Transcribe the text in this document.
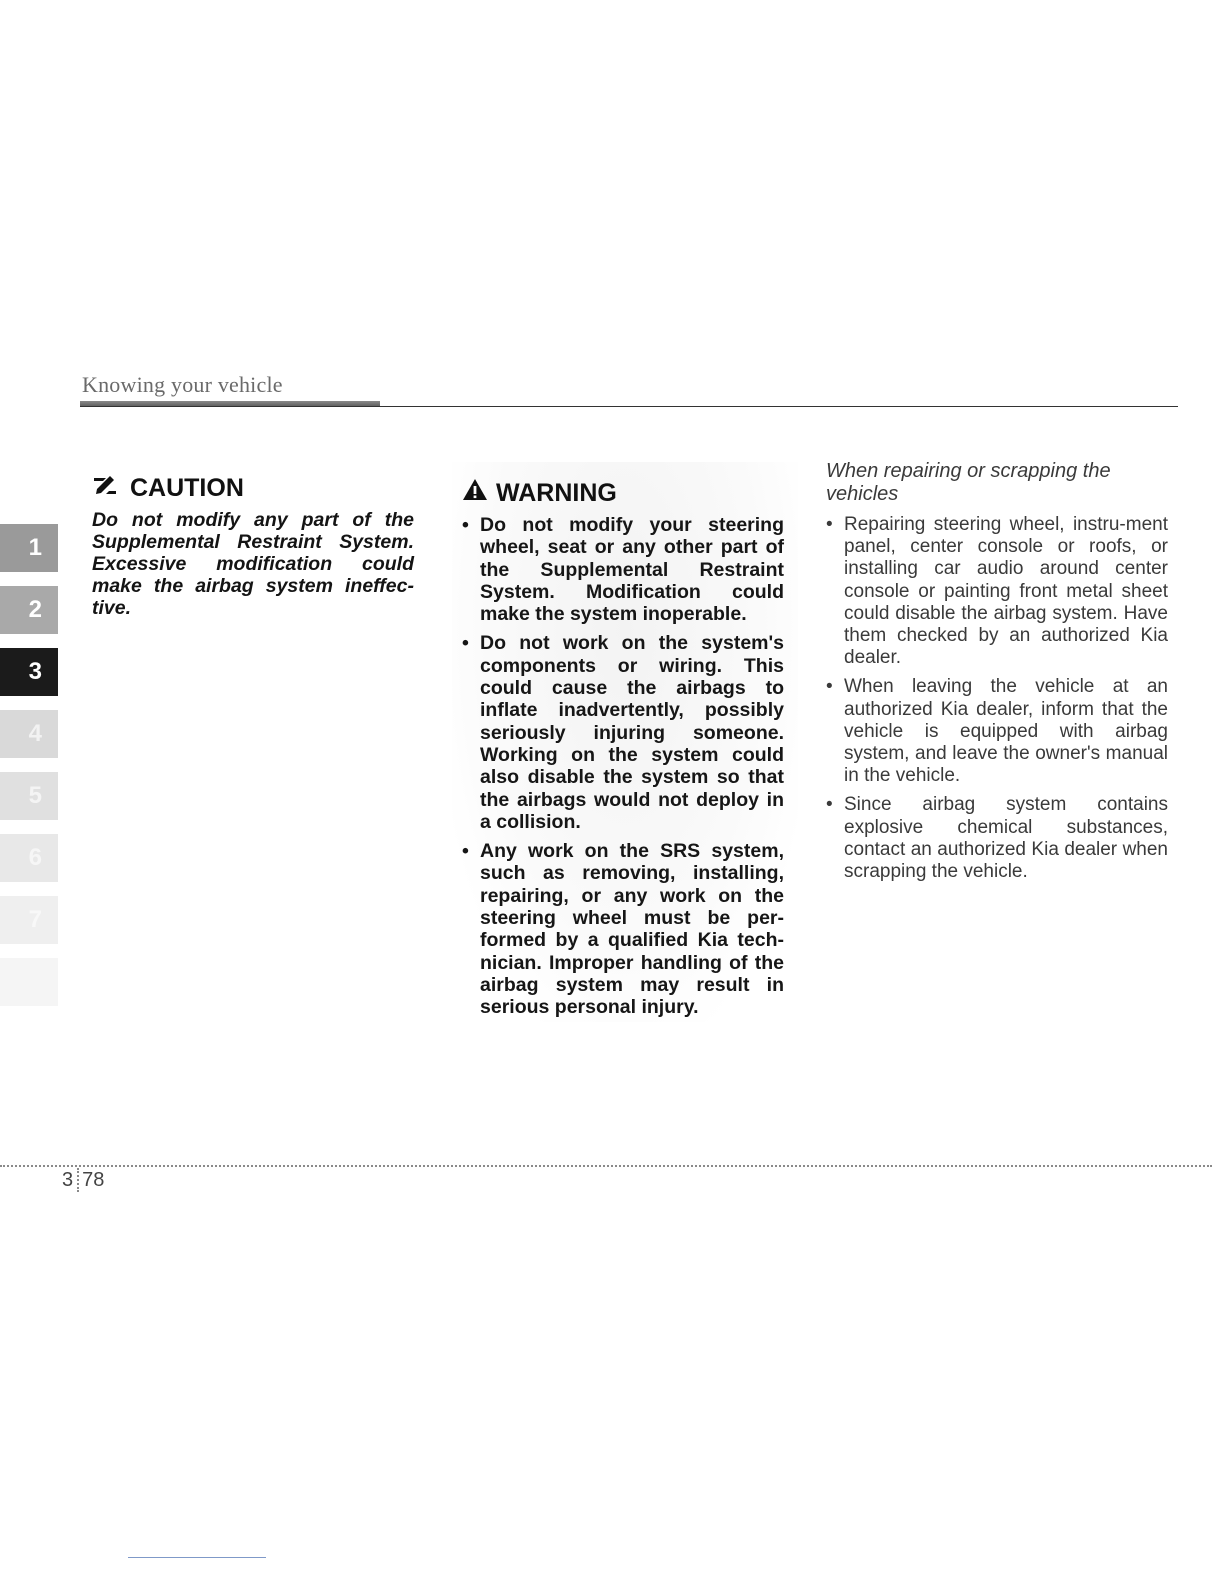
Knowing your vehicle
1
2
3
4
5
6
7
CAUTION
Do not modify any part of the Supplemental Restraint System. Excessive modification could make the airbag system ineffec-tive.
WARNING
• Do not modify your steering wheel, seat or any other part of the Supplemental Restraint System. Modification could make the system inoperable.
• Do not work on the system's components or wiring. This could cause the airbags to inflate inadvertently, possibly seriously injuring someone. Working on the system could also disable the system so that the airbags would not deploy in a collision.
• Any work on the SRS system, such as removing, installing, repairing, or any work on the steering wheel must be per-formed by a qualified Kia tech-nician. Improper handling of the airbag system may result in serious personal injury.
When repairing or scrapping the vehicles
• Repairing steering wheel, instru-ment panel, center console or roofs, or installing car audio around center console or painting front metal sheet could disable the airbag system. Have them checked by an authorized Kia dealer.
• When leaving the vehicle at an authorized Kia dealer, inform that the vehicle is equipped with airbag system, and leave the owner's manual in the vehicle.
• Since airbag system contains explosive chemical substances, contact an authorized Kia dealer when scrapping the vehicle.
3 78
